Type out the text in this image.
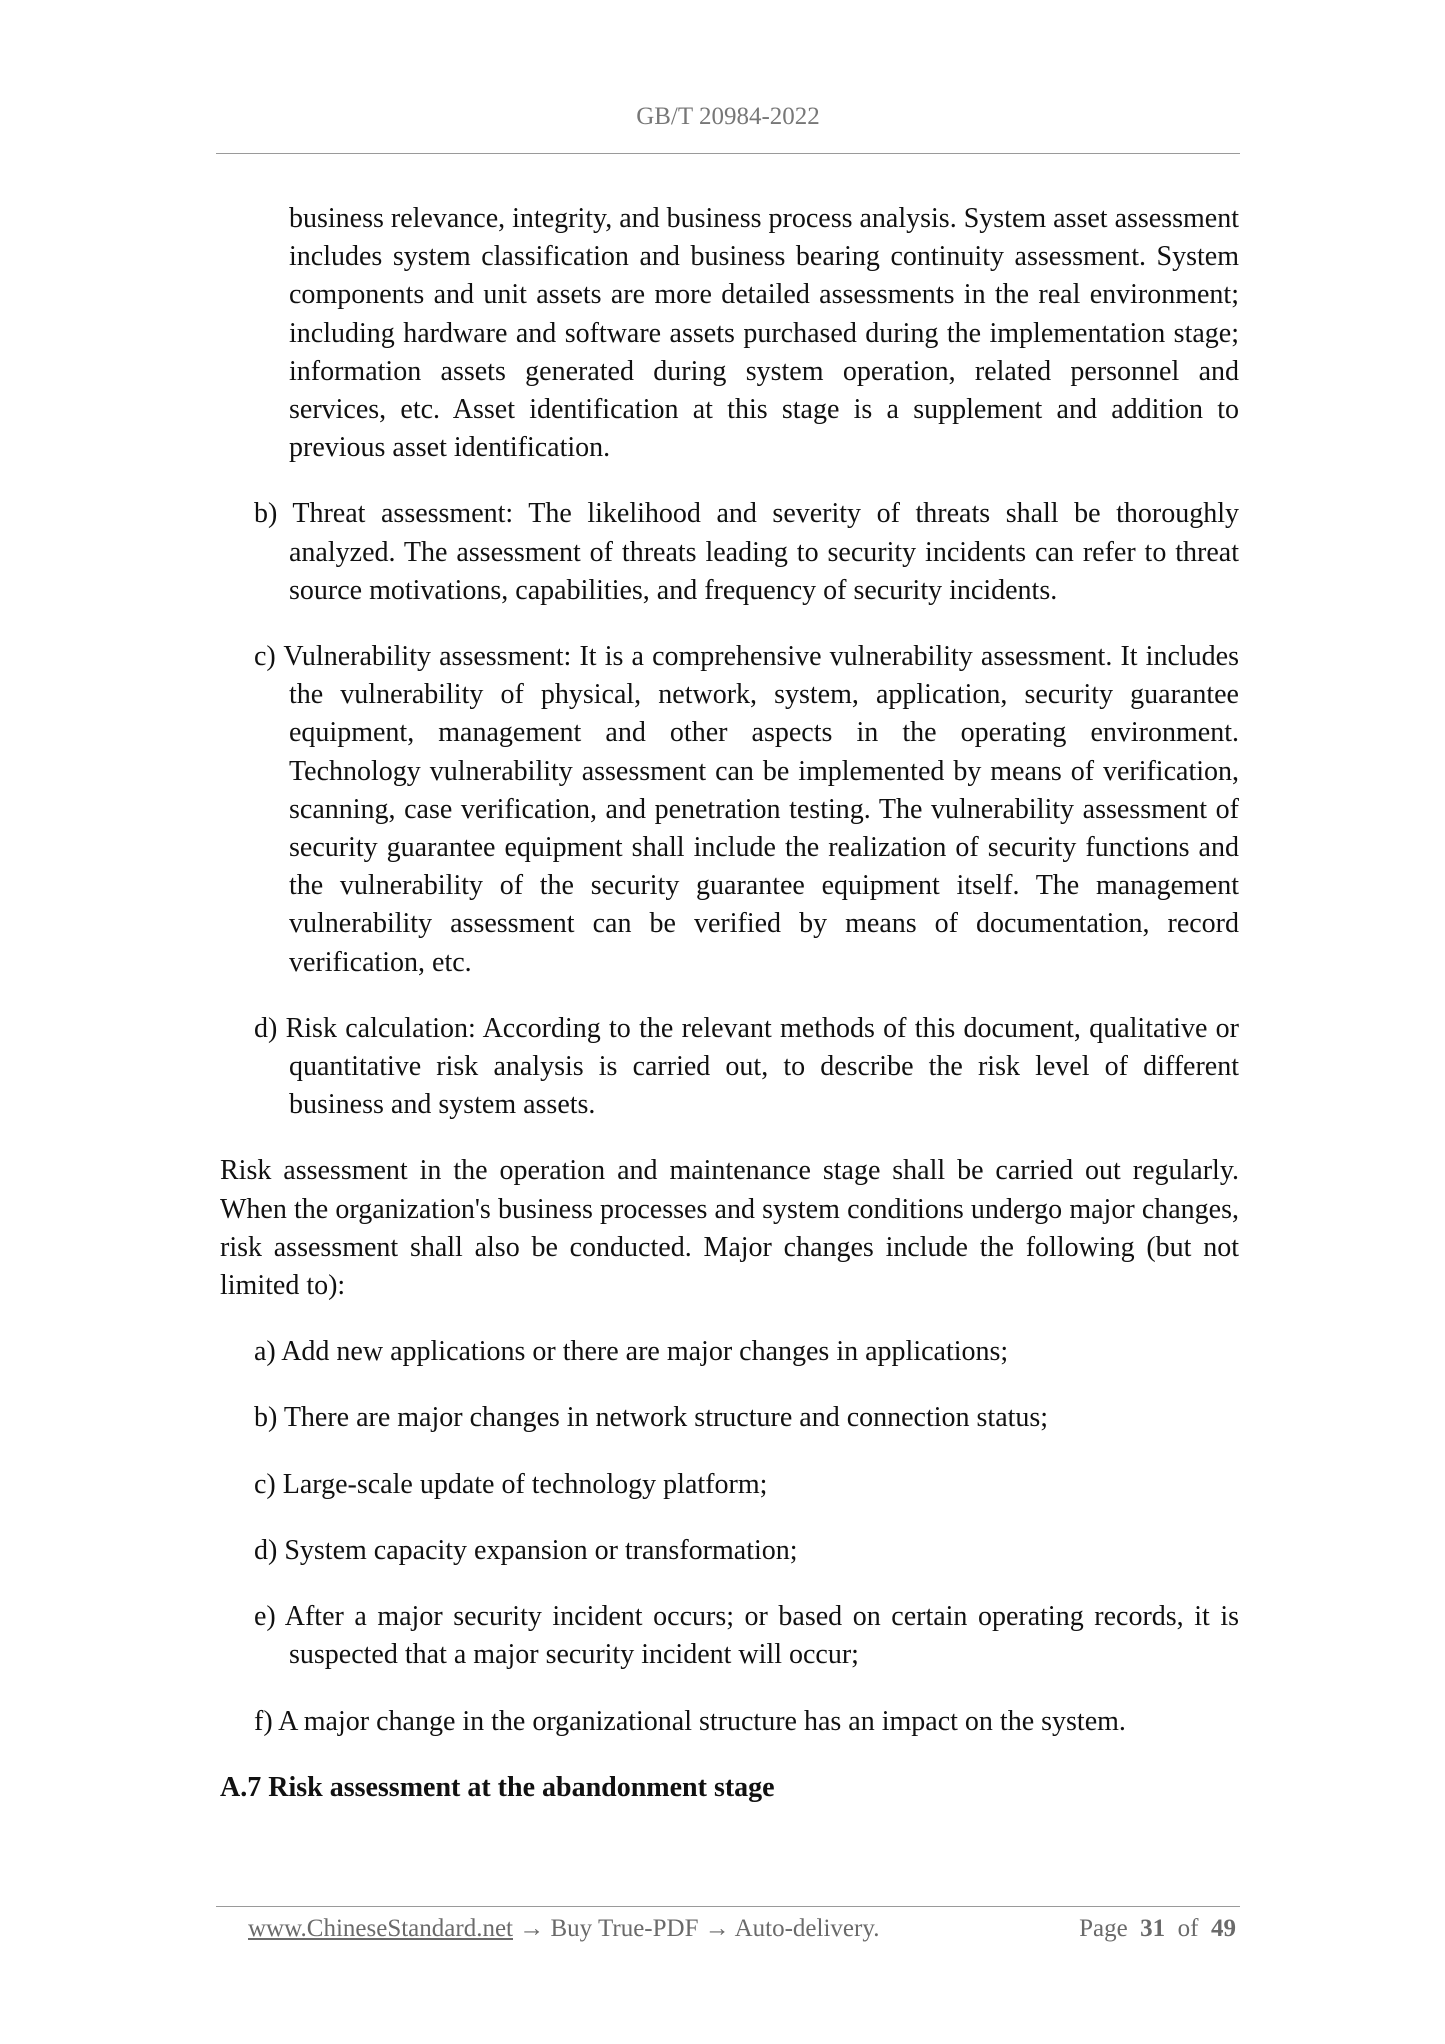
GB/T 20984-2022

business relevance, integrity, and business process analysis. System asset assessment includes system classification and business bearing continuity assessment. System components and unit assets are more detailed assessments in the real environment; including hardware and software assets purchased during the implementation stage; information assets generated during system operation, related personnel and services, etc. Asset identification at this stage is a supplement and addition to previous asset identification.

b) Threat assessment: The likelihood and severity of threats shall be thoroughly analyzed. The assessment of threats leading to security incidents can refer to threat source motivations, capabilities, and frequency of security incidents.

c) Vulnerability assessment: It is a comprehensive vulnerability assessment. It includes the vulnerability of physical, network, system, application, security guarantee equipment, management and other aspects in the operating environment. Technology vulnerability assessment can be implemented by means of verification, scanning, case verification, and penetration testing. The vulnerability assessment of security guarantee equipment shall include the realization of security functions and the vulnerability of the security guarantee equipment itself. The management vulnerability assessment can be verified by means of documentation, record verification, etc.

d) Risk calculation: According to the relevant methods of this document, qualitative or quantitative risk analysis is carried out, to describe the risk level of different business and system assets.

Risk assessment in the operation and maintenance stage shall be carried out regularly. When the organization's business processes and system conditions undergo major changes, risk assessment shall also be conducted. Major changes include the following (but not limited to):

a) Add new applications or there are major changes in applications;

b) There are major changes in network structure and connection status;

c) Large-scale update of technology platform;

d) System capacity expansion or transformation;

e) After a major security incident occurs; or based on certain operating records, it is suspected that a major security incident will occur;

f) A major change in the organizational structure has an impact on the system.

A.7 Risk assessment at the abandonment stage

www.ChineseStandard.net → Buy True-PDF → Auto-delivery.	Page 31 of 49
